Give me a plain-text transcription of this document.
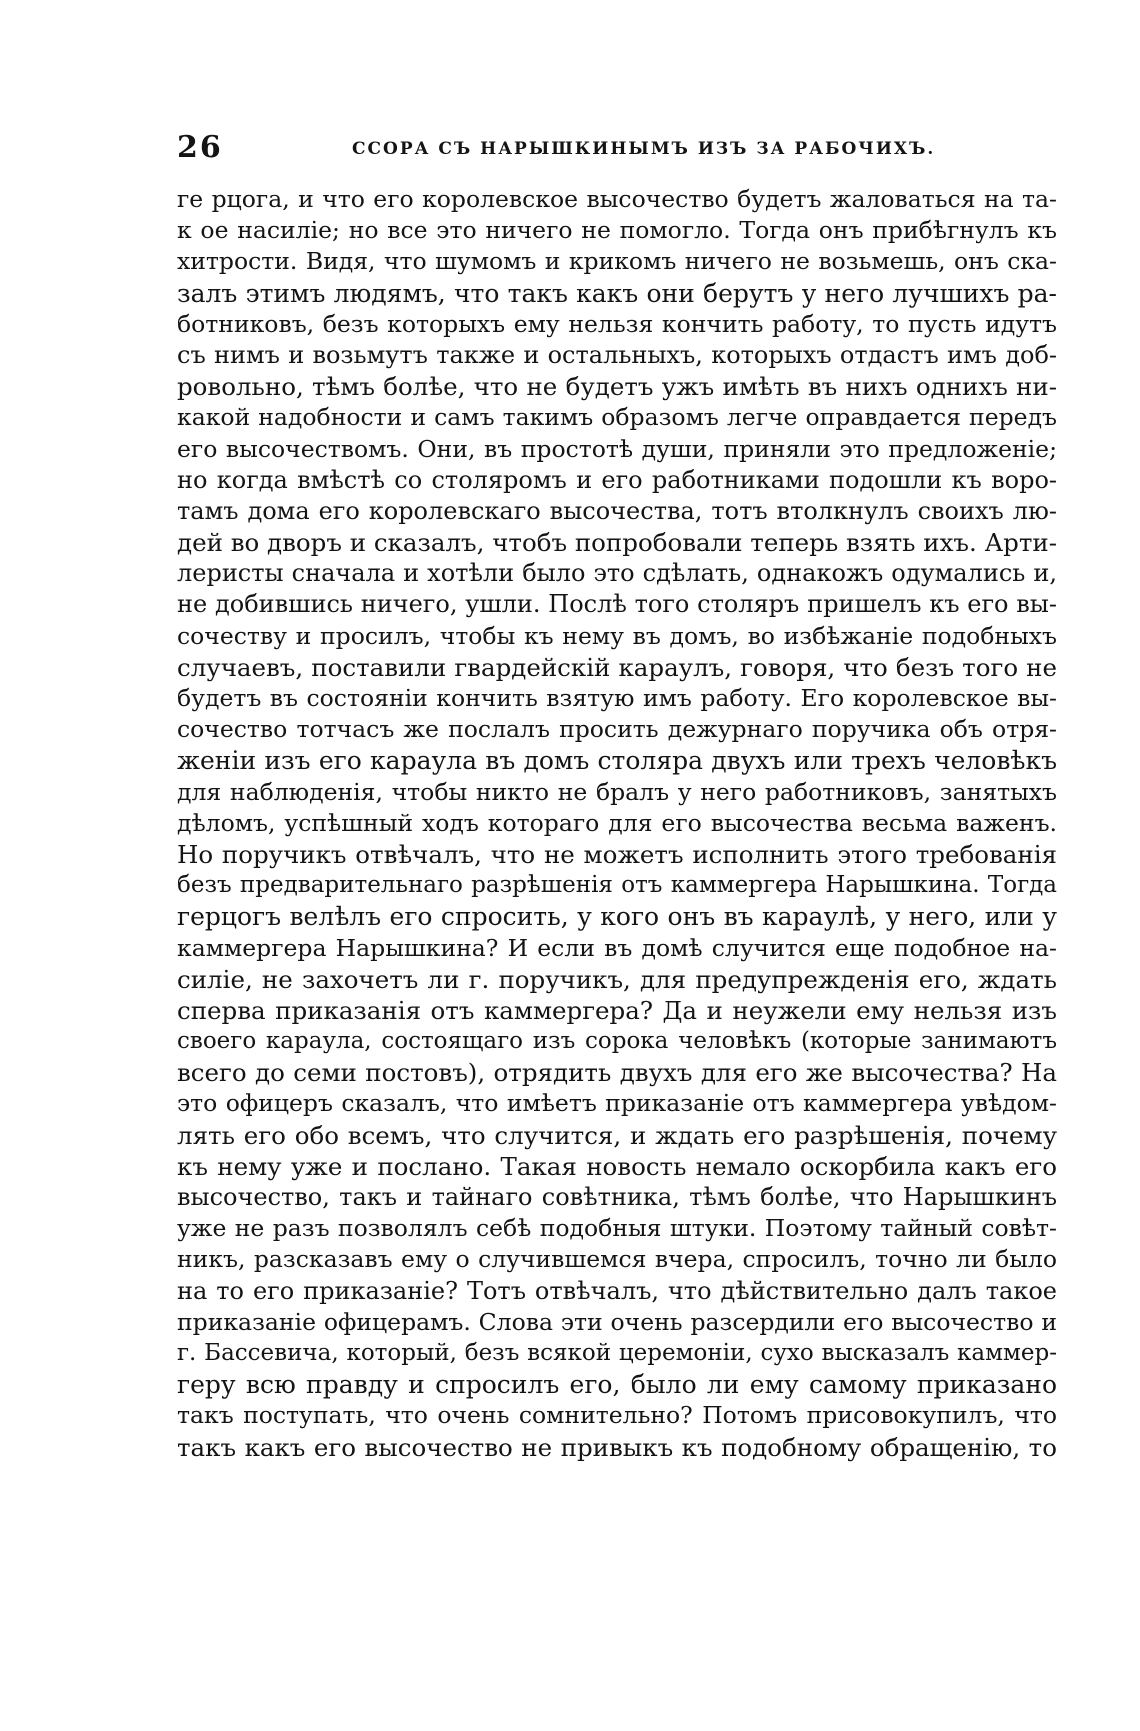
26	ССОРА СЪ НАРЫШКИНЫМЪ ИЗЪ ЗА РАБОЧИХЪ.
ге рцога, и что его королевское высочество будетъ жаловаться на та-
к ое насиліе; но все это ничего не помогло. Тогда онъ прибѣгнулъ къ
хитрости. Видя, что шумомъ и крикомъ ничего не возьмешь, онъ ска-
залъ этимъ людямъ, что такъ какъ они берутъ у него лучшихъ ра-
ботниковъ, безъ которыхъ ему нельзя кончить работу, то пусть идутъ
съ нимъ и возьмутъ также и остальныхъ, которыхъ отдастъ имъ доб-
ровольно, тѣмъ болѣе, что не будетъ ужъ имѣть въ нихъ однихъ ни-
какой надобности и самъ такимъ образомъ легче оправдается передъ
его высочествомъ. Они, въ простотѣ души, приняли это предложеніе;
но когда вмѣстѣ со столяромъ и его работниками подошли къ воро-
тамъ дома его королевскаго высочества, тотъ втолкнулъ своихъ лю-
дей во дворъ и сказалъ, чтобъ попробовали теперь взять ихъ. Арти-
лeристы сначала и хотѣли было это сдѣлать, однакожъ одумались и,
не добившись ничего, ушли. Послѣ того столяръ пришелъ къ его вы-
сочеству и просилъ, чтобы къ нему въ домъ, во избѣжаніе подобныхъ
случаевъ, поставили гвардейскій караулъ, говоря, что безъ того не
будетъ въ состояніи кончить взятую имъ работу. Его королевское вы-
сочество тотчасъ же послалъ просить дежурнаго поручика объ отря-
женіи изъ его караула въ домъ столяра двухъ или трехъ человѣкъ
для наблюденія, чтобы никто не бралъ у него работниковъ, занятыхъ
дѣломъ, успѣшный ходъ котораго для его высочества весьма важенъ.
Но поручикъ отвѣчалъ, что не можетъ исполнить этого требованія
безъ предварительнаго разрѣшенія отъ каммергера Нарышкина. Тогда
герцогъ велѣлъ его спросить, у кого онъ въ караулѣ, у него, или у
каммергера Нарышкина? И если въ домѣ случится еще подобное на-
силіе, не захочетъ ли г. поручикъ, для предупрежденія его, ждать
сперва приказанія отъ каммергера? Да и неужели ему нельзя изъ
своего караула, состоящаго изъ сорока человѣкъ (которые занимаютъ
всего до семи постовъ), отрядить двухъ для его же высочества? На
это офицеръ сказалъ, что имѣетъ приказаніе отъ каммергера увѣдом-
лять его обо всемъ, что случится, и ждать его разрѣшенія, почему
къ нему уже и послано. Такая новость немало оскорбила какъ его
высочество, такъ и тайнаго совѣтника, тѣмъ болѣе, что Нарышкинъ
уже не разъ позволялъ себѣ подобныя штуки. Поэтому тайный совѣт-
никъ, разсказавъ ему о случившемся вчера, спросилъ, точно ли было
на то его приказаніе? Тотъ отвѣчалъ, что дѣйствительно далъ такое
приказаніе офицерамъ. Слова эти очень разсердили его высочество и
г. Бассевича, который, безъ всякой церемоніи, сухо высказалъ каммер-
геру всю правду и спросилъ его, было ли ему самому приказано
такъ поступать, что очень сомнительно? Потомъ присовокупилъ, что
такъ какъ его высочество не привыкъ къ подобному обращенію, то
